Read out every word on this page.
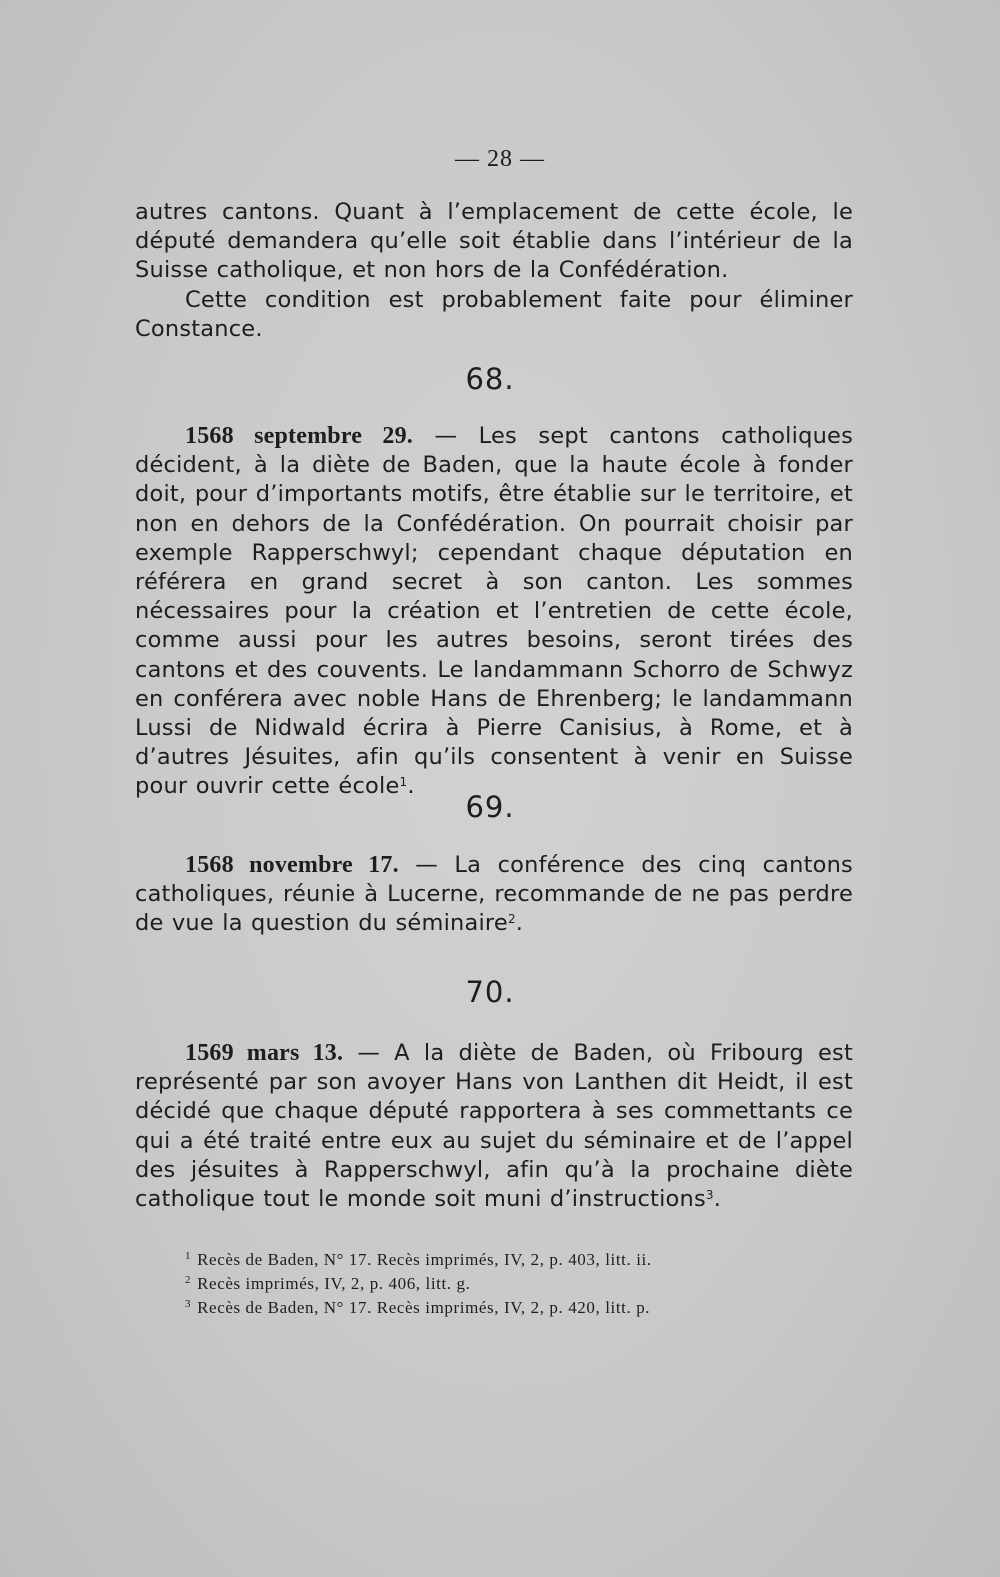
— 28 —

autres cantons. Quant à l’emplacement de cette école, le député demandera qu’elle soit établie dans l’intérieur de la Suisse catholique, et non hors de la Confédération.

Cette condition est probablement faite pour éliminer Constance.

68.

1568 septembre 29. — Les sept cantons catholiques décident, à la diète de Baden, que la haute école à fonder doit, pour d’importants motifs, être établie sur le territoire, et non en dehors de la Confédération. On pourrait choisir par exemple Rapperschwyl; cependant chaque députation en référera en grand secret à son canton. Les sommes nécessaires pour la création et l’entretien de cette école, comme aussi pour les autres besoins, seront tirées des cantons et des couvents. Le landammann Schorro de Schwyz en conférera avec noble Hans de Ehrenberg; le landammann Lussi de Nidwald écrira à Pierre Canisius, à Rome, et à d’autres Jésuites, afin qu’ils consentent à venir en Suisse pour ouvrir cette école$^1$.

69.

1568 novembre 17. — La conférence des cinq cantons catholiques, réunie à Lucerne, recommande de ne pas perdre de vue la question du séminaire$^2$.

70.

1569 mars 13. — A la diète de Baden, où Fribourg est représenté par son avoyer Hans von Lanthen dit Heidt, il est décidé que chaque député rapportera à ses commettants ce qui a été traité entre eux au sujet du séminaire et de l’appel des jésuites à Rapperschwyl, afin qu’à la prochaine diète catholique tout le monde soit muni d’instructions$^3$.

$^1$ Recès de Baden, N° 17. Recès imprimés, IV, 2, p. 403, litt. ii.
$^2$ Recès imprimés, IV, 2, p. 406, litt. g.
$^3$ Recès de Baden, N° 17. Recès imprimés, IV, 2, p. 420, litt. p.
